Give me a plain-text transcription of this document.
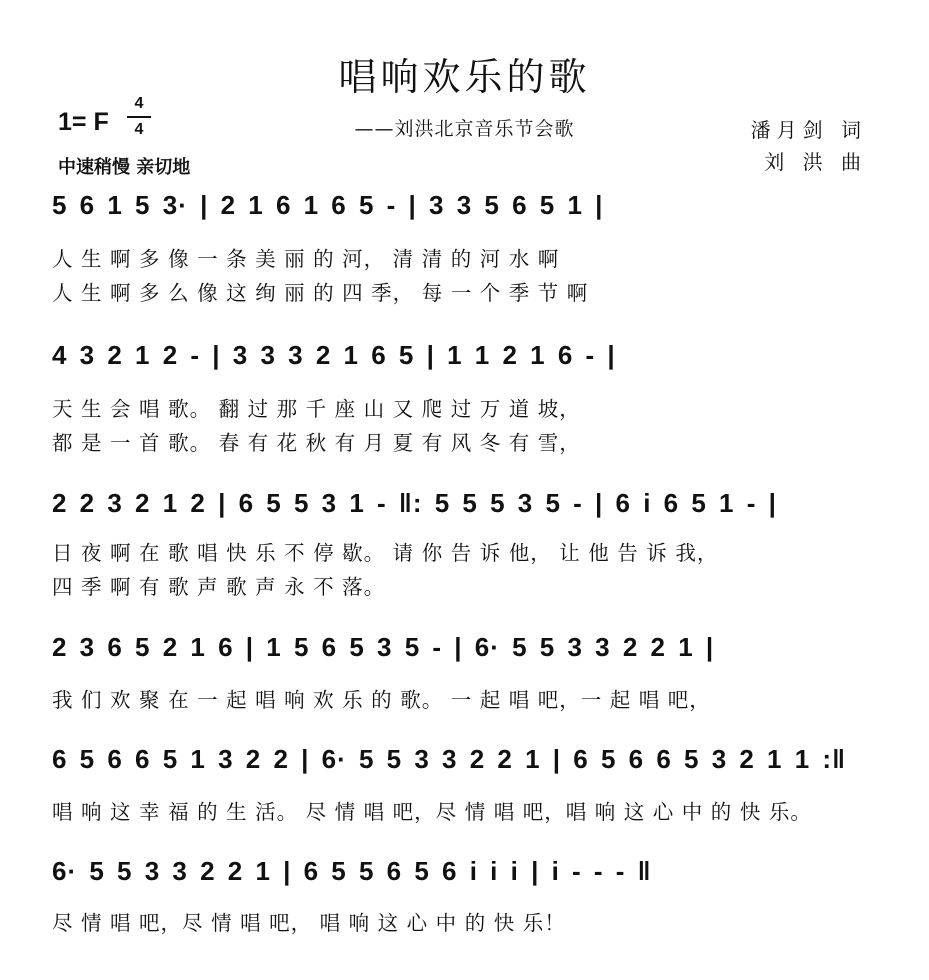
唱响欢乐的歌
1= F
4
4	——刘洪北京音乐节会歌	潘月剑 词
刘 洪 曲
中速稍慢 亲切地
5 6 1 5 3· | 2 1 6 1 6 5 - | 3 3 5 6 5 1 |
人 生 啊 多 像 一 条 美 丽 的 河， 清 清 的 河 水 啊
人 生 啊 多 么 像 这 绚 丽 的 四 季， 每 一 个 季 节 啊
4 3 2 1 2 - | 3 3 3 2 1 6 5 | 1 1 2 1 6 - |
天 生 会 唱 歌。 翻 过 那 千 座 山 又 爬 过 万 道 坡，
都 是 一 首 歌。 春 有 花 秋 有 月 夏 有 风 冬 有 雪，
2 2 3 2 1 2 | 6 5 5 3 1 - ‖: 5 5 5 3 5 - | 6 i 6 5 1 - |
日 夜 啊 在 歌 唱 快 乐 不 停 歇。 请 你 告 诉 他， 让 他 告 诉 我，
四 季 啊 有 歌 声 歌 声 永 不 落。
2 3 6 5 2 1 6 | 1 5 6 5 3 5 - | 6· 5 5 3 3 2 2 1 |
我 们 欢 聚 在 一 起 唱 响 欢 乐 的 歌。 一 起 唱 吧，一 起 唱 吧，
6 5 6 6 5 1 3 2 2 | 6· 5 5 3 3 2 2 1 | 6 5 6 6 5 3 2 1 1 :‖
唱 响 这 幸 福 的 生 活。 尽 情 唱 吧，尽 情 唱 吧，唱 响 这 心 中 的 快 乐。
6· 5 5 3 3 2 2 1 | 6 5 5 6 5 6 i i i | i - - - ‖
尽 情 唱 吧，尽 情 唱 吧， 唱 响 这 心 中 的 快 乐！
